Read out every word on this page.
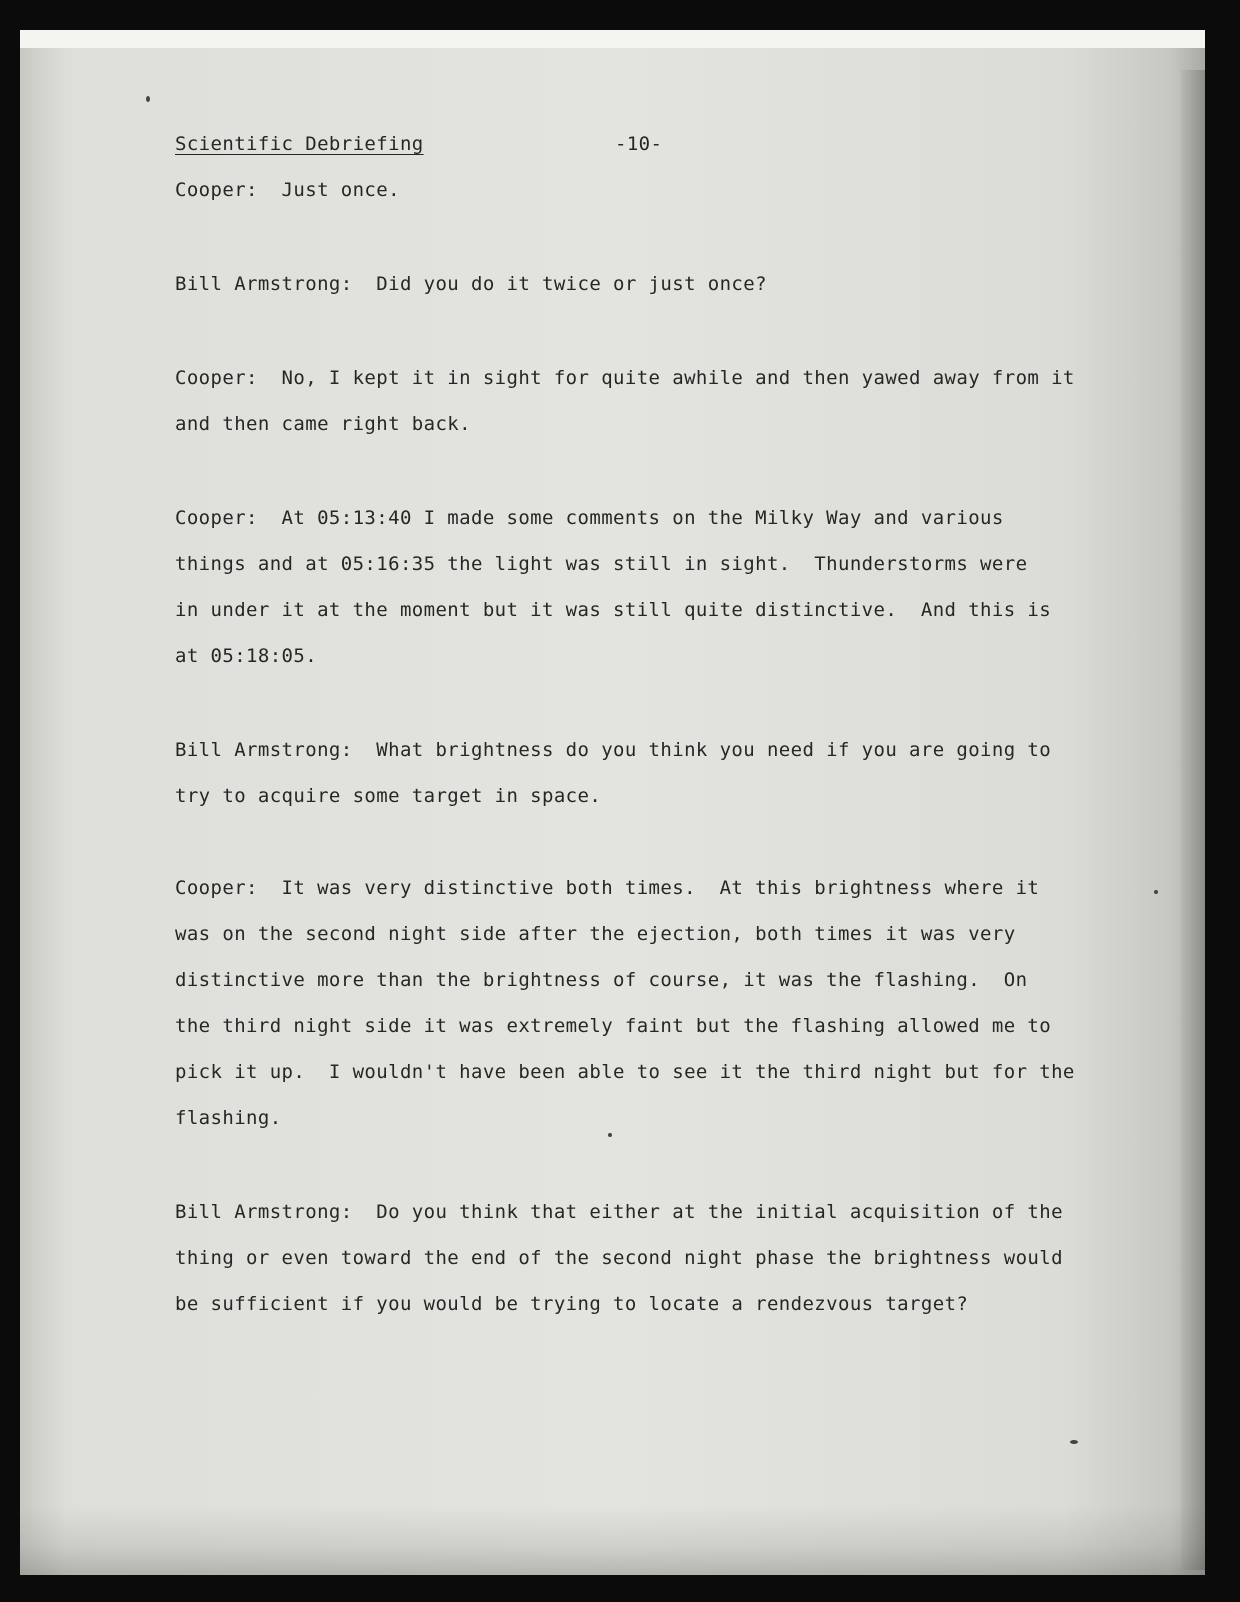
Scientific Debriefing	-10-
Cooper:  Just once.
Bill Armstrong:  Did you do it twice or just once?
Cooper:  No, I kept it in sight for quite awhile and then yawed away from it
and then came right back.
Cooper:  At 05:13:40 I made some comments on the Milky Way and various
things and at 05:16:35 the light was still in sight.  Thunderstorms were
in under it at the moment but it was still quite distinctive.  And this is
at 05:18:05.
Bill Armstrong:  What brightness do you think you need if you are going to
try to acquire some target in space.
Cooper:  It was very distinctive both times.  At this brightness where it
was on the second night side after the ejection, both times it was very
distinctive more than the brightness of course, it was the flashing.  On
the third night side it was extremely faint but the flashing allowed me to
pick it up.  I wouldn't have been able to see it the third night but for the
flashing.
Bill Armstrong:  Do you think that either at the initial acquisition of the
thing or even toward the end of the second night phase the brightness would
be sufficient if you would be trying to locate a rendezvous target?
